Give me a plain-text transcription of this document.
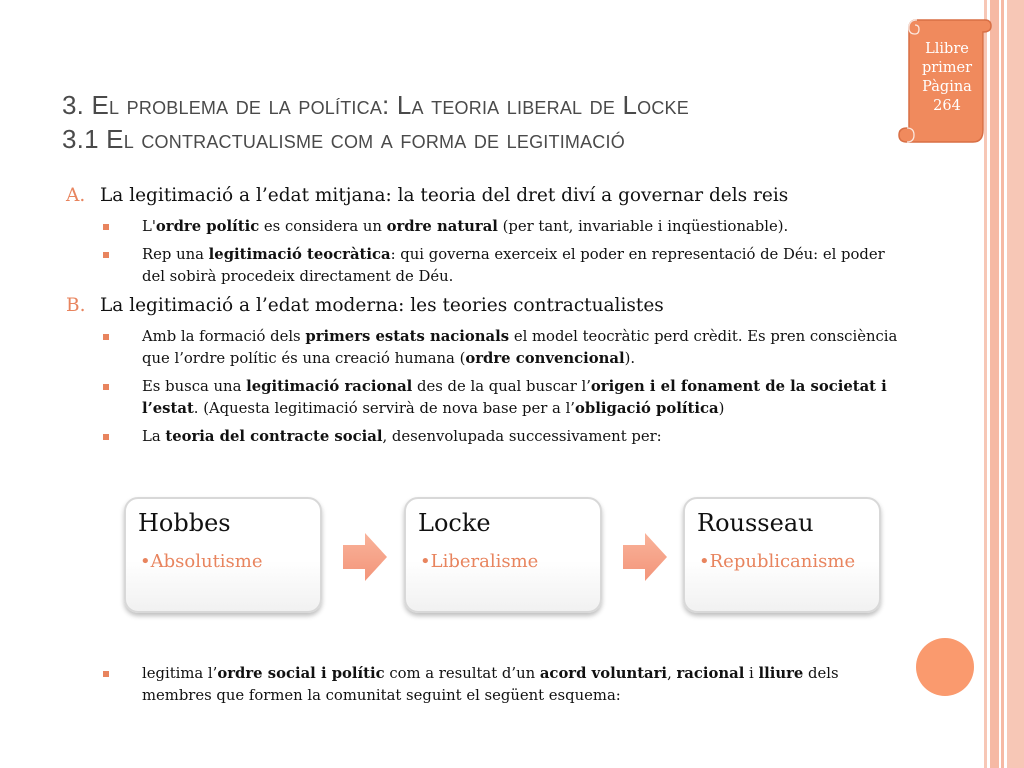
Llibre
primer
Pàgina
264
3. El problema de la política: La teoria liberal de Locke
3.1 El contractualisme com a forma de legitimació
A. La legitimació a l’edat mitjana: la teoria del dret diví a governar dels reis
L'ordre polític es considera un ordre natural (per tant, invariable i inqüestionable).
Rep una legitimació teocràtica: qui governa exerceix el poder en representació de Déu: el poder del sobirà procedeix directament de Déu.
B. La legitimació a l’edat moderna: les teories contractualistes
Amb la formació dels primers estats nacionals el model teocràtic perd crèdit. Es pren consciència que l’ordre polític és una creació humana (ordre convencional).
Es busca una legitimació racional des de la qual buscar l’origen i el fonament de la societat i l’estat. (Aquesta legitimació servirà de nova base per a l’obligació política)
La teoria del contracte social, desenvolupada successivament per:
Hobbes
•Absolutisme
Locke
•Liberalisme
Rousseau
•Republicanisme
legitima l’ordre social i polític com a resultat d’un acord voluntari, racional i lliure dels membres que formen la comunitat seguint el següent esquema:
